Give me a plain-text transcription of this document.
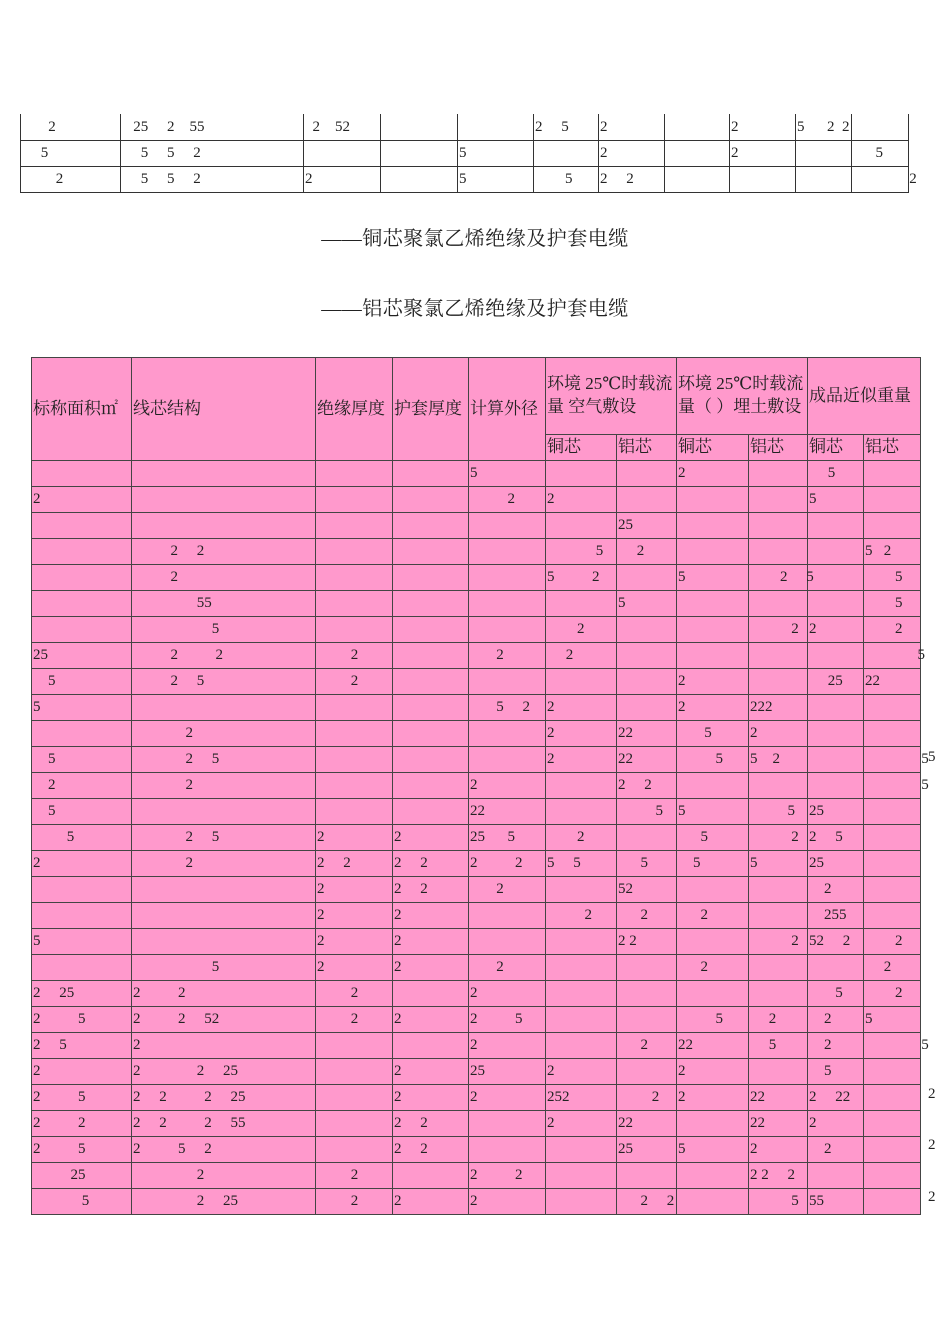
2	2​5     2    55	2    52			2     5	2		2	5      2  2	
5	5     5     2			5		2		2		5
2	5     5     2	2		5	5	2     2				2
——铜芯聚氯乙烯绝缘及护套电缆
——铝芯聚氯乙烯绝缘及护套电缆
标称面积㎡	线芯结构	绝缘厚度	护套厚度	计算外径	环境 25℃时载流量 空气敷设		环境 25℃时载流量（ ）埋土敷设		成品近似重量	
					铜芯	铝芯	铜芯	铝芯	铜芯	铝芯
				5			2		5	
2				2	2				5	
						25				
	2     2				5	2				5   2
	2				5          2		5	2     5		5
	55					5				5
	5				2			2	2	2
25	2          2	2		2	2					5
5	2     5	2					2		25	22
5				5     2	2		2	222		
	2				2	2​2	5	2		
5	2     5				2	22	5	5    2		5
2	2			2		2     2				5
5				22		5	5	5	2​5	
5	2     5	2	2	25      5	2		5	2	2     5	
2	2	2     2	2     2	2          2	5     5	5	5	5	25	
		2	2     2	2		5​2			2	
		2	2		2	2	2		255	
5		2	2			2 2		2	52     2	2
	5	2	2	2			2			2
2     25	2          2	2		2					5	2
2          5	2          2     52	2	2	2          5			5	2	2	5
2     5	2			2		2	22	5	2	5
2	2               2     25		2	25	2		2		5	
2          5	2     2          2     25		2	2	252	2	2	22	2     22	
2          2	2     2          2     55		2     2		2	22		2​2	2	
2          5	2          5     2		2     2			25	5	2	2	
25	2	2		2          2				2 2     2		
5	2     25	2	2	2		2     2		5	5​5	
5
2
2
2
